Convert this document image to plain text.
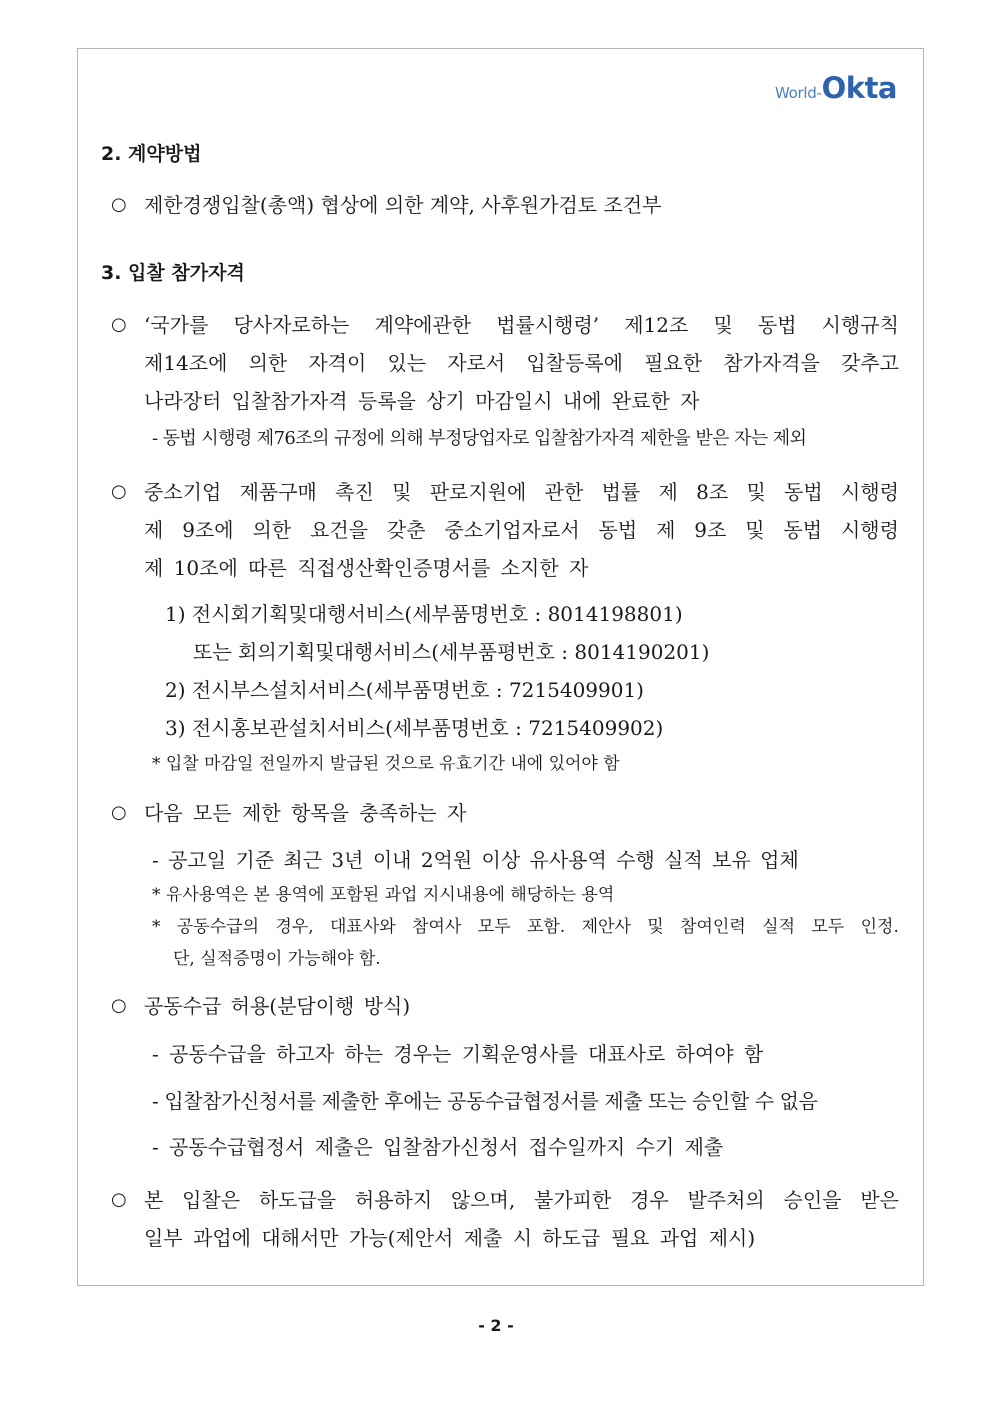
World- Okta
2. 계약방법
○ 제한경쟁입찰(총액) 협상에 의한 계약, 사후원가검토 조건부
3. 입찰 참가자격
○ ‘국가를 당사자로하는 계약에관한 법률시행령’ 제12조 및 동법 시행규칙
제14조에 의한 자격이 있는 자로서 입찰등록에 필요한 참가자격을 갖추고
나라장터 입찰참가자격 등록을 상기 마감일시 내에 완료한 자
- 동법 시행령 제76조의 규정에 의해 부정당업자로 입찰참가자격 제한을 받은 자는 제외
○ 중소기업 제품구매 촉진 및 판로지원에 관한 법률 제 8조 및 동법 시행령
제 9조에 의한 요건을 갖춘 중소기업자로서 동법 제 9조 및 동법 시행령
제 10조에 따른 직접생산확인증명서를 소지한 자
1) 전시회기획및대행서비스(세부품명번호 : 8014198801)
또는 회의기획및대행서비스(세부품평번호 : 8014190201)
2) 전시부스설치서비스(세부품명번호 : 7215409901)
3) 전시홍보관설치서비스(세부품명번호 : 7215409902)
* 입찰 마감일 전일까지 발급된 것으로 유효기간 내에 있어야 함
○ 다음 모든 제한 항목을 충족하는 자
- 공고일 기준 최근 3년 이내 2억원 이상 유사용역 수행 실적 보유 업체
* 유사용역은 본 용역에 포함된 과업 지시내용에 해당하는 용역
* 공동수급의 경우, 대표사와 참여사 모두 포함. 제안사 및 참여인력 실적 모두 인정.
단, 실적증명이 가능해야 함.
○ 공동수급 허용(분담이행 방식)
- 공동수급을 하고자 하는 경우는 기획운영사를 대표사로 하여야 함
- 입찰참가신청서를 제출한 후에는 공동수급협정서를 제출 또는 승인할 수 없음
- 공동수급협정서 제출은 입찰참가신청서 접수일까지 수기 제출
○ 본 입찰은 하도급을 허용하지 않으며, 불가피한 경우 발주처의 승인을 받은
일부 과업에 대해서만 가능(제안서 제출 시 하도급 필요 과업 제시)
- 2 -
